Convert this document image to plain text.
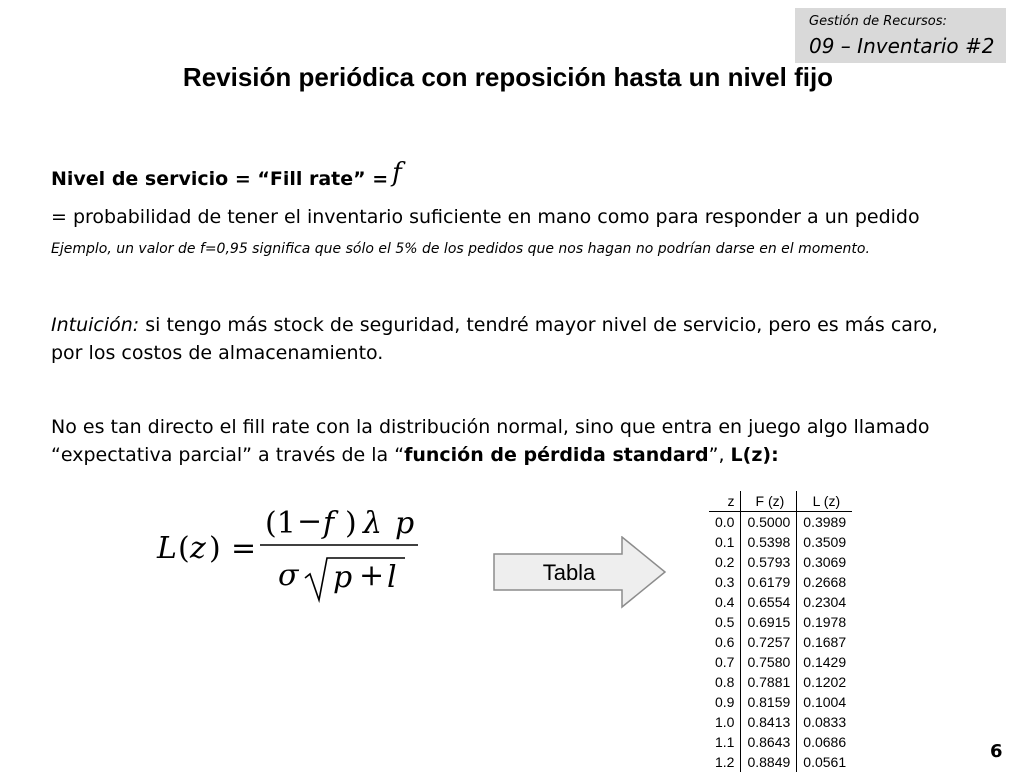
Gestión de Recursos:
09 – Inventario #2
Revisión periódica con reposición hasta un nivel fijo
Nivel de servicio = “Fill rate” = f
= probabilidad de tener el inventario suficiente en mano como para responder a un pedido
Ejemplo, un valor de f=0,95 significa que sólo el 5% de los pedidos que nos hagan no podrían darse en el momento.
Intuición: si tengo más stock de seguridad, tendré mayor nivel de servicio, pero es más caro, por los costos de almacenamiento.
No es tan directo el fill rate con la distribución normal, sino que entra en juego algo llamado “expectativa parcial” a través de la “función de pérdida standard”, L(z):
L ( z ) =
(1 − f ) λ p
σ p + l	Tabla
z	F (z)	L (z)
0.0	0.5000	0.3989
0.1	0.5398	0.3509
0.2	0.5793	0.3069
0.3	0.6179	0.2668
0.4	0.6554	0.2304
0.5	0.6915	0.1978
0.6	0.7257	0.1687
0.7	0.7580	0.1429
0.8	0.7881	0.1202
0.9	0.8159	0.1004
1.0	0.8413	0.0833
1.1	0.8643	0.0686
1.2	0.8849	0.0561	6
